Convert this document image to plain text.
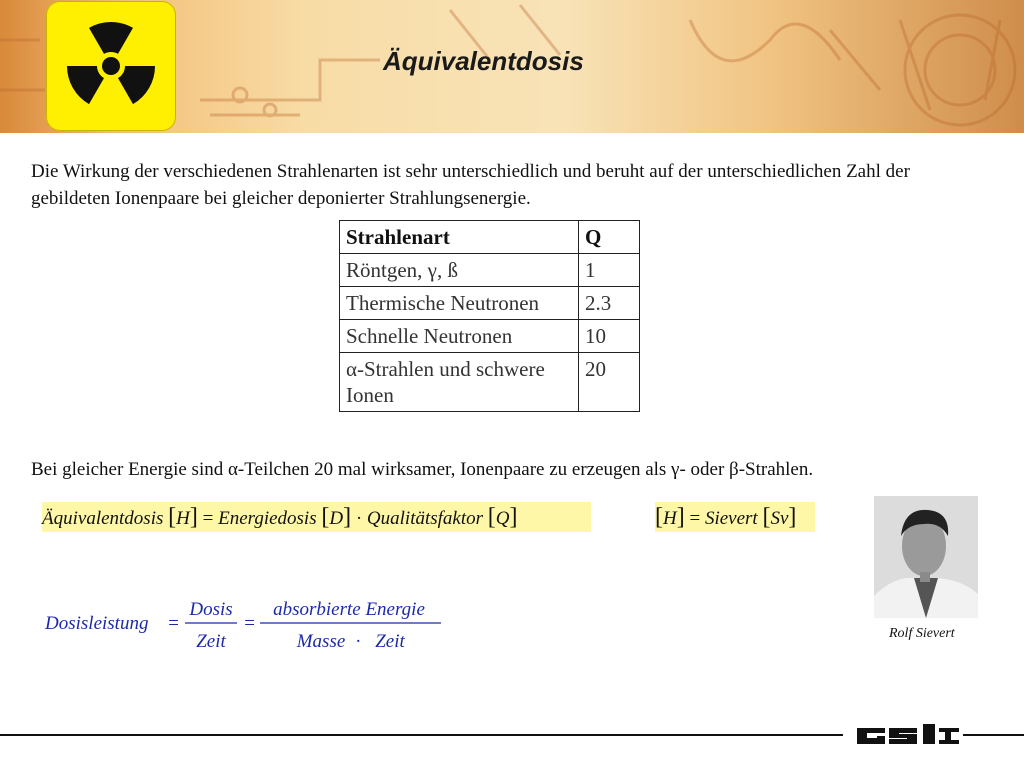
Äquivalentdosis
Die Wirkung der verschiedenen Strahlenarten ist sehr unterschiedlich und beruht auf der unterschiedlichen Zahl der gebildeten Ionenpaare bei gleicher deponierter Strahlungsenergie.
Strahlenart	Q
Röntgen, γ, ß	1
Thermische Neutronen	2.3
Schnelle Neutronen	10
α-Strahlen und schwere Ionen	20
Bei gleicher Energie sind α-Teilchen 20 mal wirksamer, Ionenpaare zu erzeugen als γ- oder β-Strahlen.
Äquivalentdosis [H] = Energiedosis [D] · Qualitätsfaktor [Q]	[H] = Sievert [Sv]
Dosisleistung =
Dosis
Zeit
=
absorbierte Energie
Masse · Zeit	Rolf Sievert
GSI
